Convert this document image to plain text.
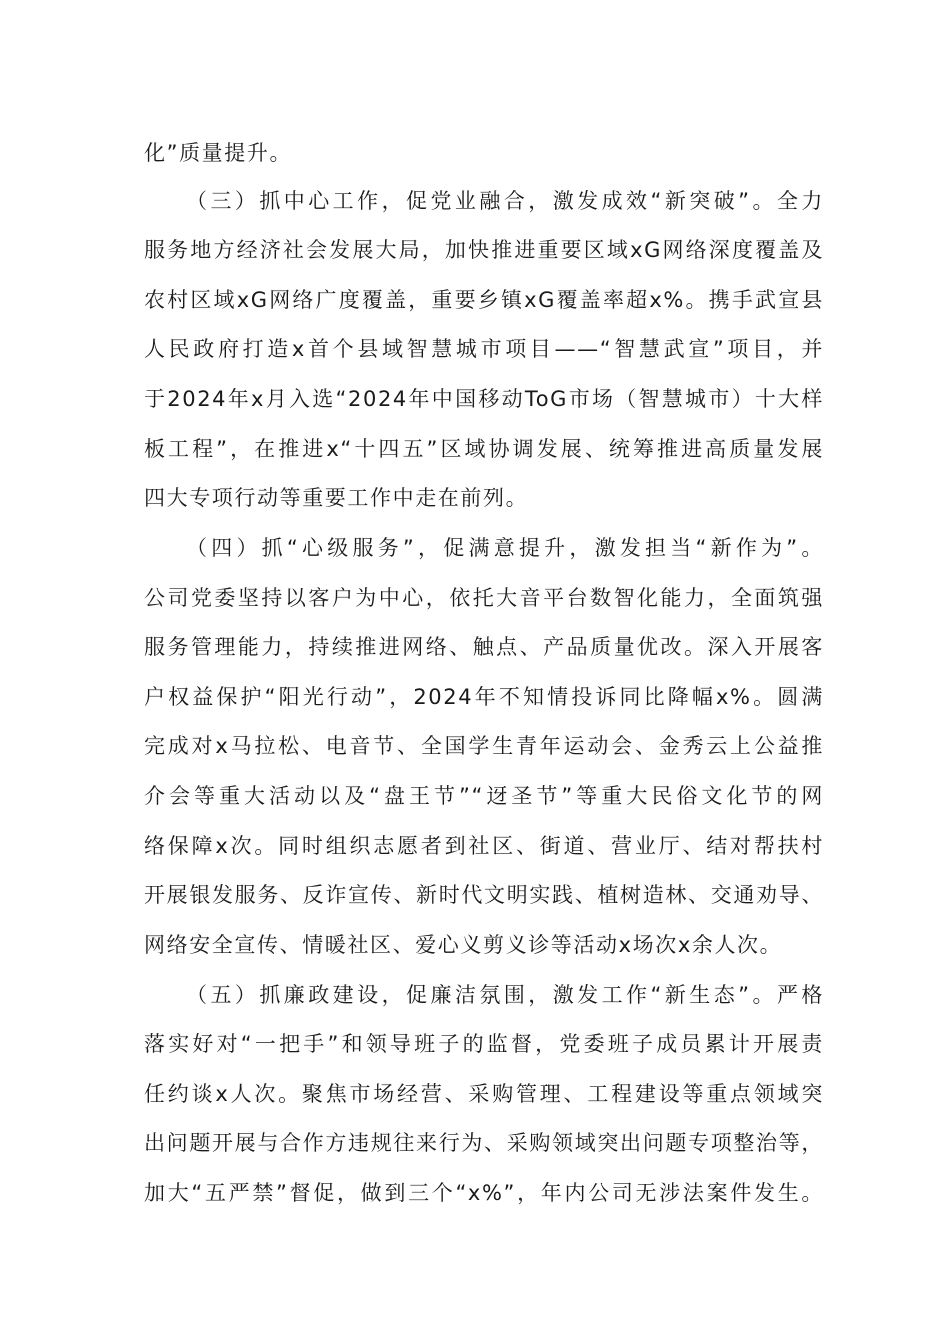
化”质量提升。
（三）抓中心工作，促党业融合，激发成效“新突破”。全力
服务地方经济社会发展大局，加快推进重要区域xG网络深度覆盖及
农村区域xG网络广度覆盖，重要乡镇xG覆盖率超x%。携手武宣县
人民政府打造x首个县域智慧城市项目——“智慧武宣”项目，并
于2024年x月入选“2024年中国移动ToG市场（智慧城市）十大样
板工程”，在推进x“十四五”区域协调发展、统筹推进高质量发展
四大专项行动等重要工作中走在前列。
（四）抓“心级服务”，促满意提升，激发担当“新作为”。
公司党委坚持以客户为中心，依托大音平台数智化能力，全面筑强
服务管理能力，持续推进网络、触点、产品质量优改。深入开展客
户权益保护“阳光行动”，2024年不知情投诉同比降幅x%。圆满
完成对x马拉松、电音节、全国学生青年运动会、金秀云上公益推
介会等重大活动以及“盘王节”“迓圣节”等重大民俗文化节的网
络保障x次。同时组织志愿者到社区、街道、营业厅、结对帮扶村
开展银发服务、反诈宣传、新时代文明实践、植树造林、交通劝导、
网络安全宣传、情暖社区、爱心义剪义诊等活动x场次x余人次。
（五）抓廉政建设，促廉洁氛围，激发工作“新生态”。严格
落实好对“一把手”和领导班子的监督，党委班子成员累计开展责
任约谈x人次。聚焦市场经营、采购管理、工程建设等重点领域突
出问题开展与合作方违规往来行为、采购领域突出问题专项整治等，
加大“五严禁”督促，做到三个“x%”，年内公司无涉法案件发生。
